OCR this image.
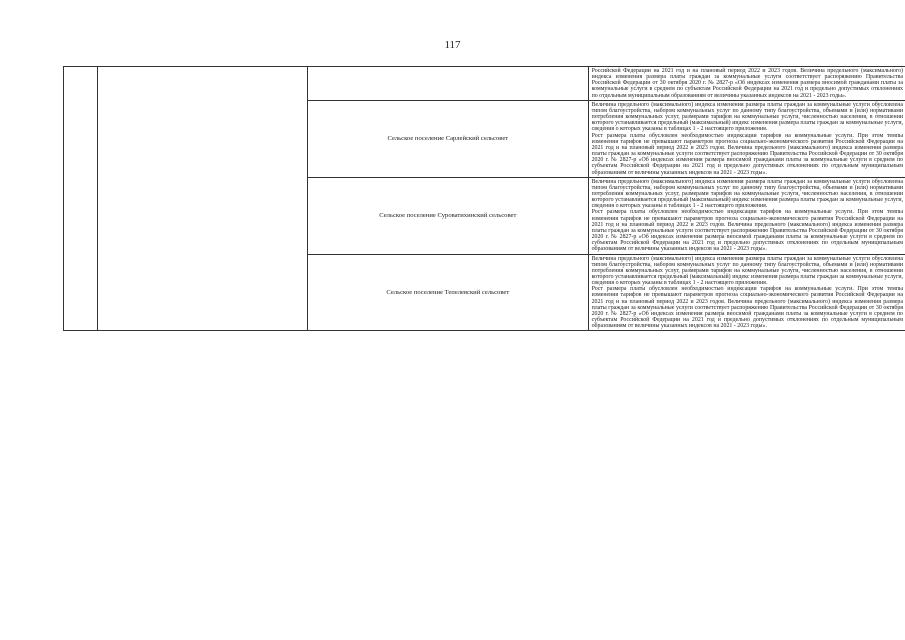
117

			Российской Федерации на 2021 год и на плановый период 2022 и 2023 годов. Величина предельного (максимального) индекса изменения размера платы граждан за коммунальные услуги соответствует распоряжению Правительства Российской Федерации от 30 октября 2020 г. № 2827-р «Об индексах изменения размера вносимой гражданами платы за коммунальные услуги в среднем по субъектам Российской Федерации на 2021 год и предельно допустимых отклонениях по отдельным муниципальным образованиям от величины указанных индексов на 2021 - 2023 годы».

		Сельское поселение Сарлейский сельсовет	Величина предельного (максимального) индекса изменения размера платы граждан за коммунальные услуги обусловлена типом благоустройства, набором коммунальных услуг по данному типу благоустройства, объемами и (или) нормативами потребления коммунальных услуг, размерами тарифов на коммунальные услуги, численностью населения, в отношении которого устанавливается предельный (максимальный) индекс изменения размера платы граждан за коммунальные услуги, сведения о которых указаны в таблицах 1 - 2 настоящего приложения.

Рост размера платы обусловлен необходимостью индексации тарифов на коммунальные услуги. При этом темпы изменения тарифов не превышают параметров прогноза социально-экономического развития Российской Федерации на 2021 год и на плановый период 2022 и 2023 годов. Величина предельного (максимального) индекса изменения размера платы граждан за коммунальные услуги соответствует распоряжению Правительства Российской Федерации от 30 октября 2020 г. № 2827-р «Об индексах изменения размера вносимой гражданами платы за коммунальные услуги в среднем по субъектам Российской Федерации на 2021 год и предельно допустимых отклонениях по отдельным муниципальным образованиям от величины указанных индексов на 2021 - 2023 годы».

		Сельское поселение Суроватихинский сельсовет	Величина предельного (максимального) индекса изменения размера платы граждан за коммунальные услуги обусловлена типом благоустройства, набором коммунальных услуг по данному типу благоустройства, объемами и (или) нормативами потребления коммунальных услуг, размерами тарифов на коммунальные услуги, численностью населения, в отношении которого устанавливается предельный (максимальный) индекс изменения размера платы граждан за коммунальные услуги, сведения о которых указаны в таблицах 1 - 2 настоящего приложения.

Рост размера платы обусловлен необходимостью индексации тарифов на коммунальные услуги. При этом темпы изменения тарифов не превышают параметров прогноза социально-экономического развития Российской Федерации на 2021 год и на плановый период 2022 и 2023 годов. Величина предельного (максимального) индекса изменения размера платы граждан за коммунальные услуги соответствует распоряжению Правительства Российской Федерации от 30 октября 2020 г. № 2827-р «Об индексах изменения размера вносимой гражданами платы за коммунальные услуги в среднем по субъектам Российской Федерации на 2021 год и предельно допустимых отклонениях по отдельным муниципальным образованиям от величины указанных индексов на 2021 - 2023 годы».

		Сельское поселение Тепелевский сельсовет	Величина предельного (максимального) индекса изменения размера платы граждан за коммунальные услуги обусловлена типом благоустройства, набором коммунальных услуг по данному типу благоустройства, объемами и (или) нормативами потребления коммунальных услуг, размерами тарифов на коммунальные услуги, численностью населения, в отношении которого устанавливается предельный (максимальный) индекс изменения размера платы граждан за коммунальные услуги, сведения о которых указаны в таблицах 1 - 2 настоящего приложения.

Рост размера платы обусловлен необходимостью индексации тарифов на коммунальные услуги. При этом темпы изменения тарифов не превышают параметров прогноза социально-экономического развития Российской Федерации на 2021 год и на плановый период 2022 и 2023 годов. Величина предельного (максимального) индекса изменения размера платы граждан за коммунальные услуги соответствует распоряжению Правительства Российской Федерации от 30 октября 2020 г. № 2827-р «Об индексах изменения размера вносимой гражданами платы за коммунальные услуги в среднем по субъектам Российской Федерации на 2021 год и предельно допустимых отклонениях по отдельным муниципальным образованиям от величины указанных индексов на 2021 - 2023 годы».
